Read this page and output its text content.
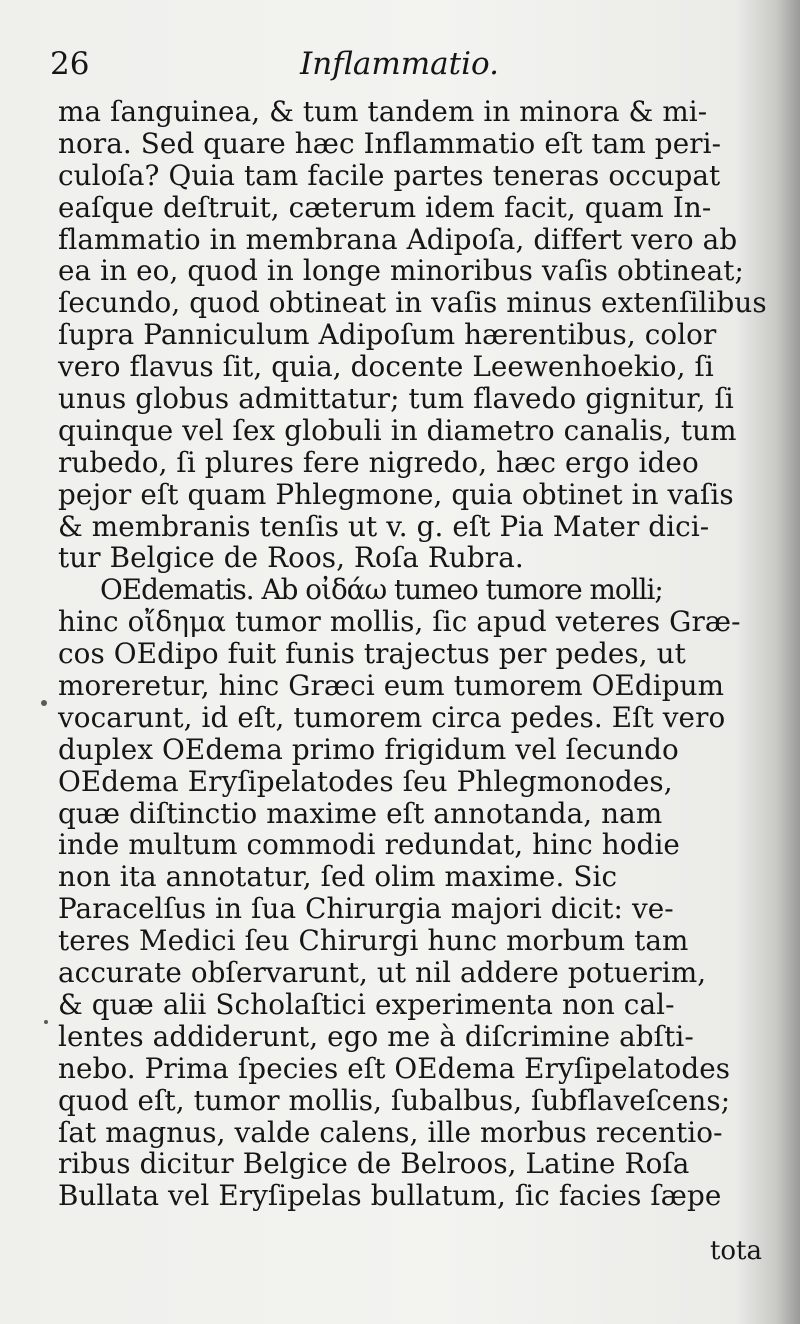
26	Inflammatio.
ma ſanguinea, & tum tandem in minora & mi-
nora. Sed quare hæc Inflammatio eſt tam peri-
culoſa? Quia tam facile partes teneras occupat
eaſque deſtruit, cæterum idem facit, quam In-
flammatio in membrana Adipoſa, differt vero ab
ea in eo, quod in longe minoribus vaſis obtineat;
ſecundo, quod obtineat in vaſis minus extenſilibus
ſupra Panniculum Adipoſum hærentibus, color
vero flavus ſit, quia, docente Leewenhoekio, ſi
unus globus admittatur; tum flavedo gignitur, ſi
quinque vel ſex globuli in diametro canalis, tum
rubedo, ſi plures fere nigredo, hæc ergo ideo
pejor eſt quam Phlegmone, quia obtinet in vaſis
& membranis tenſis ut v. g. eſt Pia Mater dici-
tur Belgice de Roos, Roſa Rubra.
OEdematis. Ab οἰδάω tumeo tumore molli;
hinc οἴδημα tumor mollis, ſic apud veteres Græ-
cos OEdipo fuit funis trajectus per pedes, ut
moreretur, hinc Græci eum tumorem OEdipum
vocarunt, id eſt, tumorem circa pedes. Eſt vero
duplex OEdema primo frigidum vel ſecundo
OEdema Eryſipelatodes ſeu Phlegmonodes,
quæ diſtinctio maxime eſt annotanda, nam
inde multum commodi redundat, hinc hodie
non ita annotatur, ſed olim maxime. Sic
Paracelſus in ſua Chirurgia majori dicit: ve-
teres Medici ſeu Chirurgi hunc morbum tam
accurate obſervarunt, ut nil addere potuerim,
& quæ alii Scholaſtici experimenta non cal-
lentes addiderunt, ego me à diſcrimine abſti-
nebo. Prima ſpecies eſt OEdema Eryſipelatodes
quod eſt, tumor mollis, ſubalbus, ſubflaveſcens;
ſat magnus, valde calens, ille morbus recentio-
ribus dicitur Belgice de Belroos, Latine Roſa
Bullata vel Eryſipelas bullatum, ſic facies ſæpe
tota
